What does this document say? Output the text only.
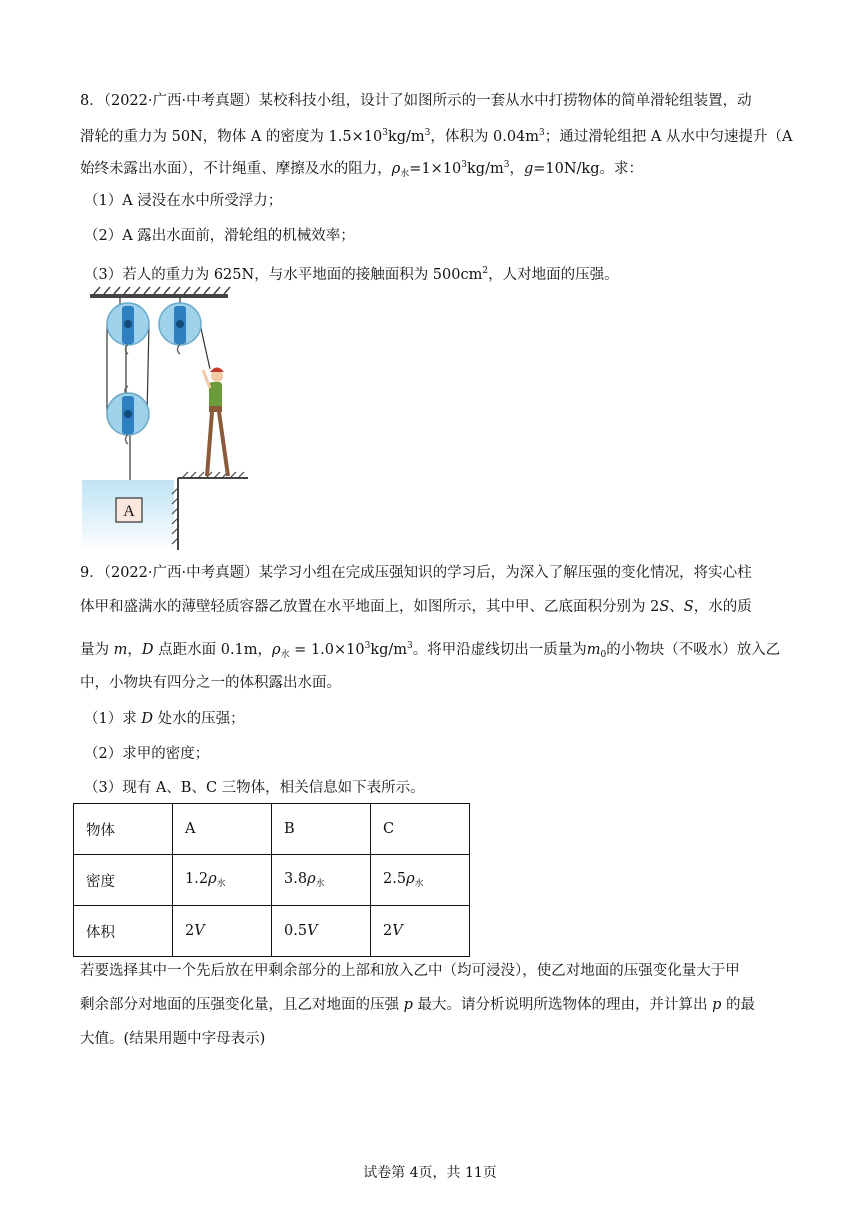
8．（2022·广西·中考真题）某校科技小组，设计了如图所示的一套从水中打捞物体的简单滑轮组装置，动
滑轮的重力为 50N，物体 A 的密度为 $1.5\times 10^3kg/m^3$，体积为 $0.04m^3$；通过滑轮组把 A 从水中匀速提升（A
始终未露出水面），不计绳重、摩擦及水的阻力，$\rho_水=1\times 10^3kg/m^3$，g=10N/kg。求：
（1）A 浸没在水中所受浮力；
（2）A 露出水面前，滑轮组的机械效率；
（3）若人的重力为 625N，与水平地面的接触面积为 $500cm^2$，人对地面的压强。
A
9．（2022·广西·中考真题）某学习小组在完成压强知识的学习后，为深入了解压强的变化情况，将实心柱
体甲和盛满水的薄壁轻质容器乙放置在水平地面上，如图所示，其中甲、乙底面积分别为 2S、S，水的质
量为 m，D 点距水面 0.1m，$\rho_水 = 1.0\times 10^3kg/m^3$。将甲沿虚线切出一质量为$m_0$的小物块（不吸水）放入乙
中，小物块有四分之一的体积露出水面。
（1）求 D 处水的压强；
（2）求甲的密度；
（3）现有 A、B、C 三物体，相关信息如下表所示。
物体	A	B	C
密度	$1.2\rho_水$	$3.8\rho_水$	$2.5\rho_水$
体积	2V	0.5V	2V
若要选择其中一个先后放在甲剩余部分的上部和放入乙中（均可浸没），使乙对地面的压强变化量大于甲
剩余部分对地面的压强变化量，且乙对地面的压强 p 最大。请分析说明所选物体的理由，并计算出 p 的最
大值。(结果用题中字母表示)
试卷第 4页，共 11页
